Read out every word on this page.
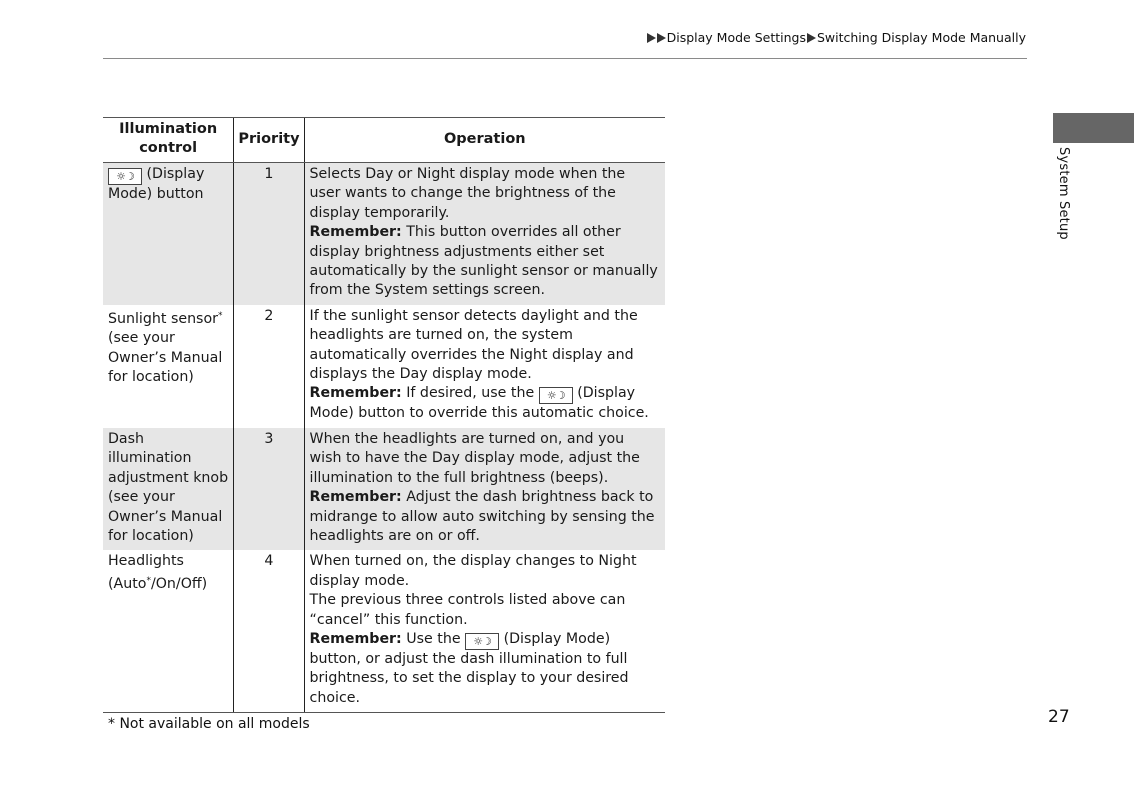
Display Mode Settings Switching Display Mode Manually
System Setup
Illumination control	Priority	Operation
☼☽ (Display Mode) button	1	Selects Day or Night display mode when the user wants to change the brightness of the display temporarily.
Remember: This button overrides all other display brightness adjustments either set automatically by the sunlight sensor or manually from the System settings screen.

Sunlight sensor* (see your Owner’s Manual for location)	2	If the sunlight sensor detects daylight and the headlights are turned on, the system automatically overrides the Night display and displays the Day display mode.
Remember: If desired, use the ☼☽ (Display Mode) button to override this automatic choice.

Dash illumination adjustment knob (see your Owner’s Manual for location)	3	When the headlights are turned on, and you wish to have the Day display mode, adjust the illumination to the full brightness (beeps).
Remember: Adjust the dash brightness back to midrange to allow auto switching by sensing the headlights are on or off.

Headlights (Auto*/On/Off)	4	When turned on, the display changes to Night display mode.
The previous three controls listed above can “cancel” this function.
Remember: Use the ☼☽ (Display Mode) button, or adjust the dash illumination to full brightness, to set the display to your desired choice.
* Not available on all models	27
